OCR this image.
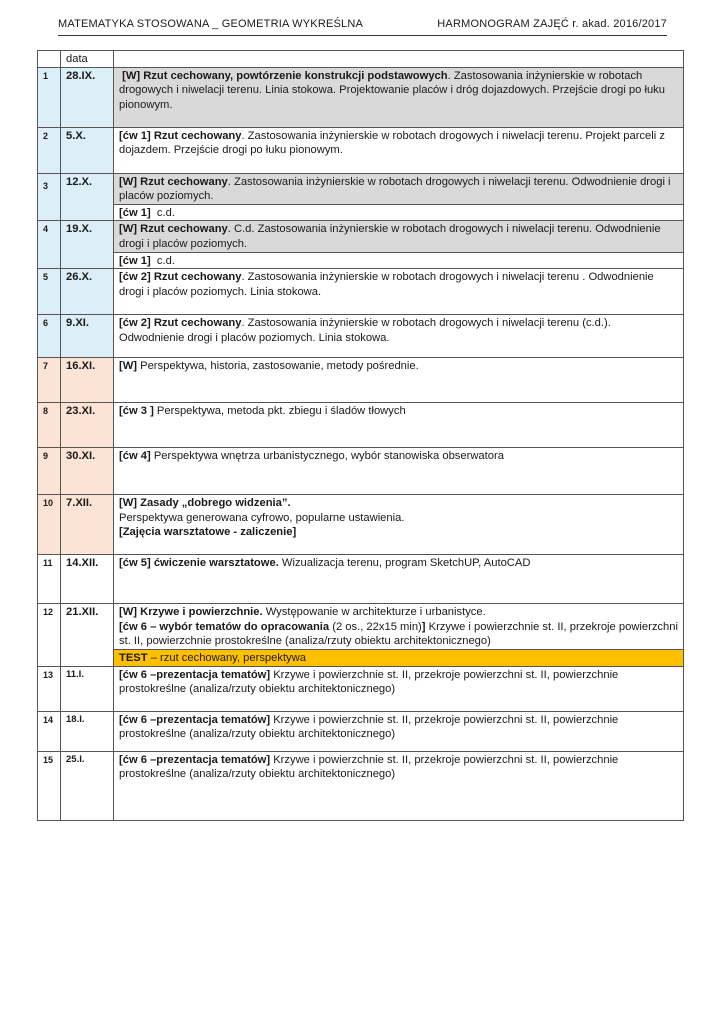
MATEMATYKA STOSOWANA _ GEOMETRIA WYKREŚLNA	HARMONOGRAM ZAJĘĆ r. akad. 2016/2017
	data	
1	28.IX.	[W] Rzut cechowany, powtórzenie konstrukcji podstawowych. Zastosowania inżynierskie w robotach drogowych i niwelacji terenu. Linia stokowa. Projektowanie placów i dróg dojazdowych. Przejście drogi po łuku pionowym.
2	5.X.	[ćw 1] Rzut cechowany. Zastosowania inżynierskie w robotach drogowych i niwelacji terenu. Projekt parceli z dojazdem. Przejście drogi po łuku pionowym.
3	12.X.	[W] Rzut cechowany. Zastosowania inżynierskie w robotach drogowych i niwelacji terenu. Odwodnienie drogi i placów poziomych.
		[ćw 1]  c.d.
4	19.X.	[W] Rzut cechowany. C.d. Zastosowania inżynierskie w robotach drogowych i niwelacji terenu. Odwodnienie drogi i placów poziomych.
		[ćw 1]  c.d.
5	26.X.	[ćw 2] Rzut cechowany. Zastosowania inżynierskie w robotach drogowych i niwelacji terenu . Odwodnienie drogi i placów poziomych. Linia stokowa.
6	9.XI.	[ćw 2] Rzut cechowany. Zastosowania inżynierskie w robotach drogowych i niwelacji terenu (c.d.). Odwodnienie drogi i placów poziomych. Linia stokowa.
7	16.XI.	[W] Perspektywa, historia, zastosowanie, metody pośrednie.
8	23.XI.	[ćw 3 ] Perspektywa, metoda pkt. zbiegu i śladów tłowych
9	30.XI.	[ćw 4] Perspektywa wnętrza urbanistycznego, wybór stanowiska obserwatora
10	7.XII.	[W] Zasady „dobrego widzenia”.
Perspektywa generowana cyfrowo, popularne ustawienia.
[Zajęcia warsztatowe - zaliczenie]
11	14.XII.	[ćw 5] ćwiczenie warsztatowe. Wizualizacja terenu, program SketchUP, AutoCAD
12	21.XII.	[W] Krzywe i powierzchnie. Występowanie w architekturze i urbanistyce.
[ćw 6 – wybór tematów do opracowania (2 os., 22x15 min)] Krzywe i powierzchnie st. II, przekroje powierzchni st. II, powierzchnie prostokreślne (analiza/rzuty obiektu architektonicznego)
		TEST – rzut cechowany, perspektywa
13	11.I.	[ćw 6 –prezentacja tematów] Krzywe i powierzchnie st. II, przekroje powierzchni st. II, powierzchnie prostokreślne (analiza/rzuty obiektu architektonicznego)
14	18.I.	[ćw 6 –prezentacja tematów] Krzywe i powierzchnie st. II, przekroje powierzchni st. II, powierzchnie prostokreślne (analiza/rzuty obiektu architektonicznego)
15	25.I.	[ćw 6 –prezentacja tematów] Krzywe i powierzchnie st. II, przekroje powierzchni st. II, powierzchnie prostokreślne (analiza/rzuty obiektu architektonicznego)
